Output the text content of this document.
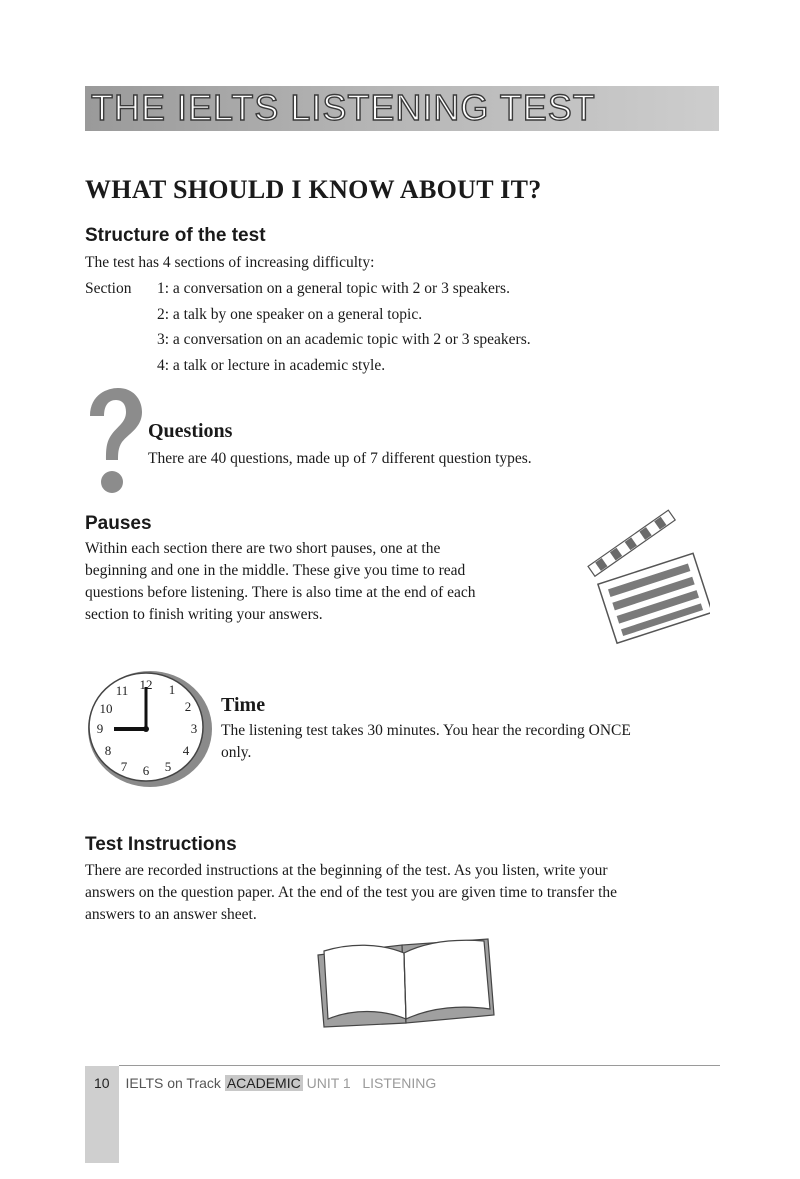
THE IELTS LISTENING TEST
WHAT SHOULD I KNOW ABOUT IT?
Structure of the test
The test has 4 sections of increasing difficulty:
Section 1: a conversation on a general topic with 2 or 3 speakers.
2: a talk by one speaker on a general topic.
3: a conversation on an academic topic with 2 or 3 speakers.
4: a talk or lecture in academic style.
Questions
There are 40 questions, made up of 7 different question types.
Pauses
Within each section there are two short pauses, one at the
beginning and one in the middle. These give you time to read
questions before listening. There is also time at the end of each
section to finish writing your answers.
12 1
2
3
4
5
6
7
8
9
10
11
Time
The listening test takes 30 minutes. You hear the recording ONCE
only.
Test Instructions
There are recorded instructions at the beginning of the test. As you listen, write your
answers on the question paper. At the end of the test you are given time to transfer the
answers to an answer sheet.
10 IELTS on Track ACADEMIC UNIT 1 LISTENING
